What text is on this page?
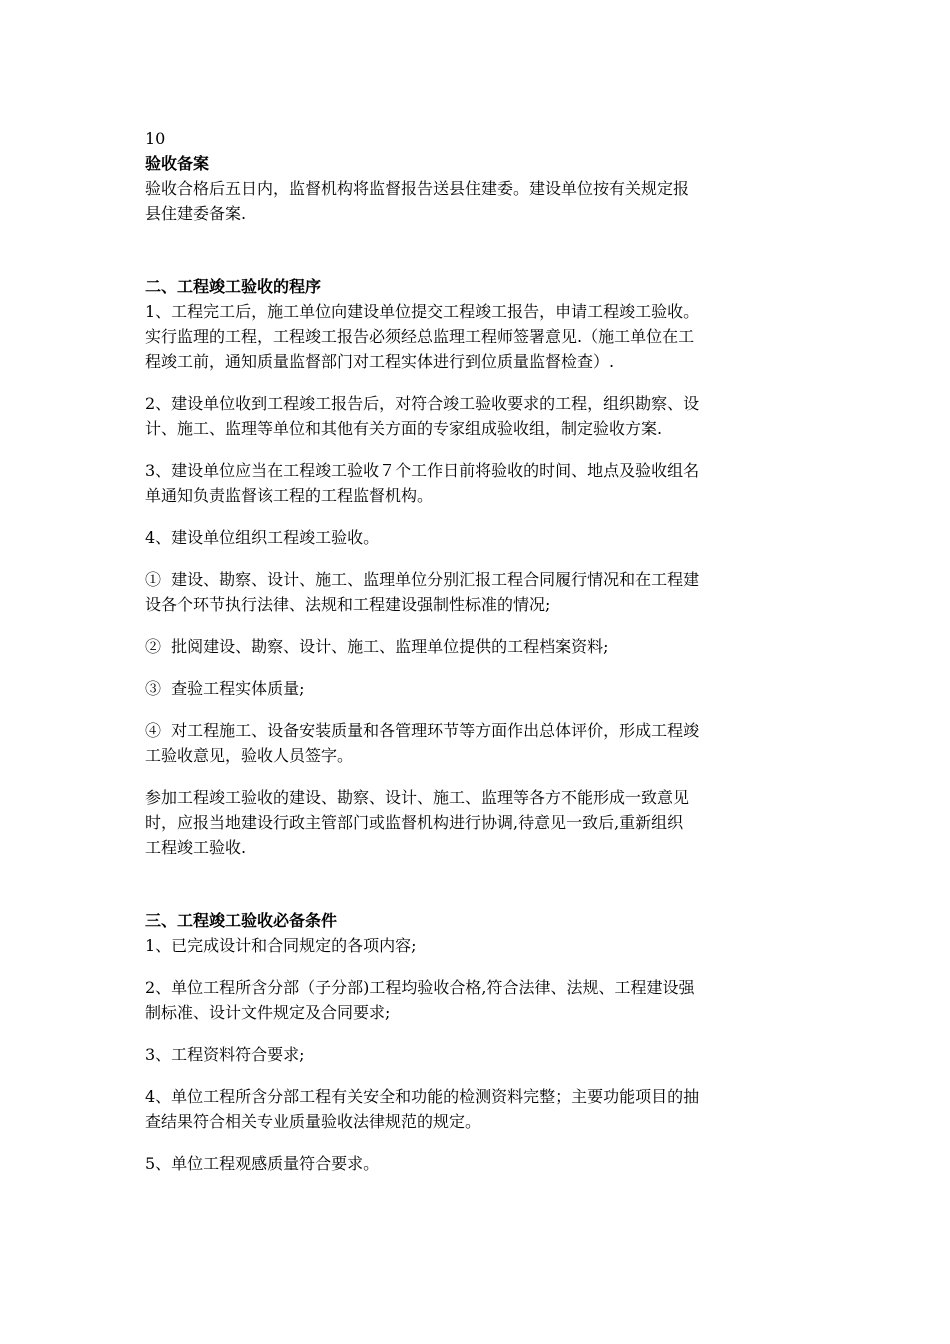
10

验收备案

验收合格后五日内，监督机构将监督报告送县住建委。建设单位按有关规定报

县住建委备案.

二、工程竣工验收的程序

1、工程完工后，施工单位向建设单位提交工程竣工报告，申请工程竣工验收。

实行监理的工程，工程竣工报告必须经总监理工程师签署意见.（施工单位在工

程竣工前，通知质量监督部门对工程实体进行到位质量监督检查）.

2、建设单位收到工程竣工报告后，对符合竣工验收要求的工程，组织勘察、设

计、施工、监理等单位和其他有关方面的专家组成验收组，制定验收方案.

3、建设单位应当在工程竣工验收７个工作日前将验收的时间、地点及验收组名

单通知负责监督该工程的工程监督机构。

4、建设单位组织工程竣工验收。

①  建设、勘察、设计、施工、监理单位分别汇报工程合同履行情况和在工程建

设各个环节执行法律、法规和工程建设强制性标准的情况;

②  批阅建设、勘察、设计、施工、监理单位提供的工程档案资料;

③  查验工程实体质量;

④  对工程施工、设备安装质量和各管理环节等方面作出总体评价，形成工程竣

工验收意见，验收人员签字。

参加工程竣工验收的建设、勘察、设计、施工、监理等各方不能形成一致意见

时，应报当地建设行政主管部门或监督机构进行协调,待意见一致后,重新组织

工程竣工验收.

三、工程竣工验收必备条件

1、已完成设计和合同规定的各项内容;

2、单位工程所含分部（子分部)工程均验收合格,符合法律、法规、工程建设强

制标准、设计文件规定及合同要求;

3、工程资料符合要求;

4、单位工程所含分部工程有关安全和功能的检测资料完整；主要功能项目的抽

查结果符合相关专业质量验收法律规范的规定。

5、单位工程观感质量符合要求。
